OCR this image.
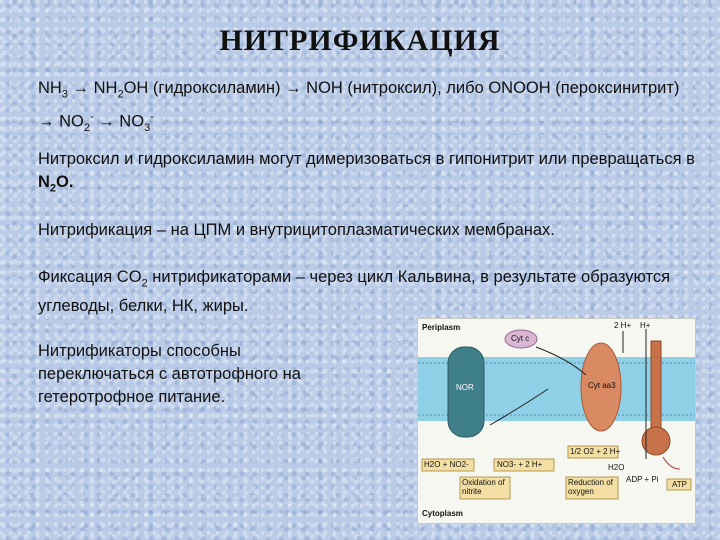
НИТРИФИКАЦИЯ
$NH_3 \to NH_2OH$ (гидроксиламин) → NOH (нитроксил), либо ONOOH (пероксинитрит) → $NO_2^- \to NO_3^-$
Нитроксил и гидроксиламин могут димеризоваться в гипонитрит или превращаться в $N_2O$.
Нитрификация – на ЦПМ и внутрицитоплазматических мембранах.
Фиксация $CO_2$ нитрификаторами – через цикл Кальвина, в результате образуются углеводы, белки, НК, жиры.
Нитрификаторы способны переключаться с автотрофного на гетеротрофное питание.
Periplasm
Cytoplasm
NOR
Cyt c
Cyt aa3
2 H+ H+
H2O + NO2-	NO3- + 2 H+
1/2 O2 + 2 H+
H2O
Oxidation of nitrite
Reduction of oxygen
ADP + Pi
ATP
